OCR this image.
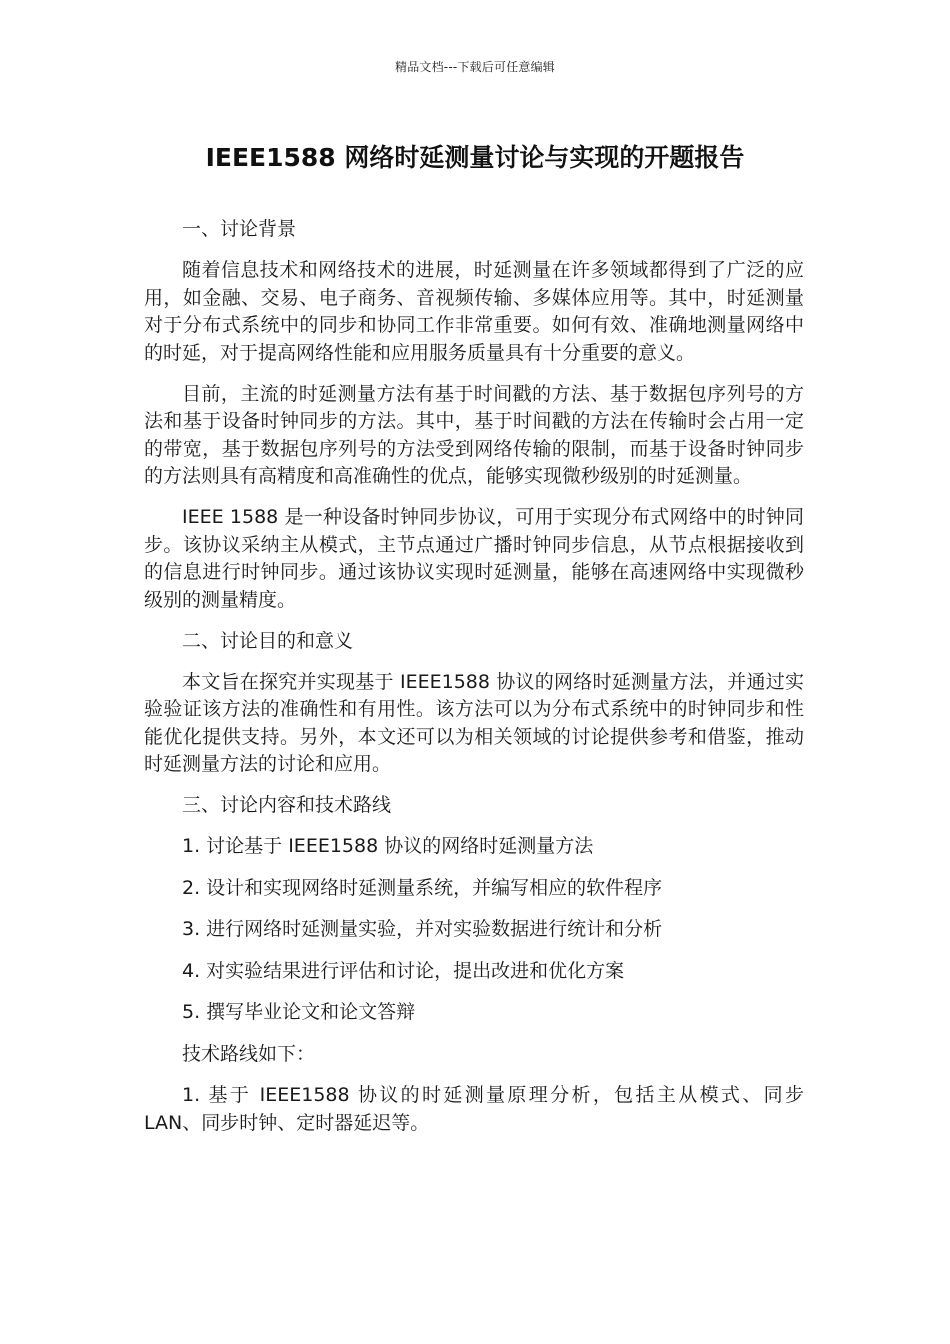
精品文档---下载后可任意编辑
IEEE1588 网络时延测量讨论与实现的开题报告

一、讨论背景

随着信息技术和网络技术的进展，时延测量在许多领域都得到了广泛的应用，如金融、交易、电子商务、音视频传输、多媒体应用等。其中，时延测量对于分布式系统中的同步和协同工作非常重要。如何有效、准确地测量网络中的时延，对于提高网络性能和应用服务质量具有十分重要的意义。

目前，主流的时延测量方法有基于时间戳的方法、基于数据包序列号的方法和基于设备时钟同步的方法。其中，基于时间戳的方法在传输时会占用一定的带宽，基于数据包序列号的方法受到网络传输的限制，而基于设备时钟同步的方法则具有高精度和高准确性的优点，能够实现微秒级别的时延测量。

IEEE 1588 是一种设备时钟同步协议，可用于实现分布式网络中的时钟同步。该协议采纳主从模式，主节点通过广播时钟同步信息，从节点根据接收到的信息进行时钟同步。通过该协议实现时延测量，能够在高速网络中实现微秒级别的测量精度。

二、讨论目的和意义

本文旨在探究并实现基于 IEEE1588 协议的网络时延测量方法，并通过实验验证该方法的准确性和有用性。该方法可以为分布式系统中的时钟同步和性能优化提供支持。另外，本文还可以为相关领域的讨论提供参考和借鉴，推动时延测量方法的讨论和应用。

三、讨论内容和技术路线

1. 讨论基于 IEEE1588 协议的网络时延测量方法

2. 设计和实现网络时延测量系统，并编写相应的软件程序

3. 进行网络时延测量实验，并对实验数据进行统计和分析

4. 对实验结果进行评估和讨论，提出改进和优化方案

5. 撰写毕业论文和论文答辩

技术路线如下：

1. 基于 IEEE1588 协议的时延测量原理分析，包括主从模式、同步 LAN、同步时钟、定时器延迟等。
